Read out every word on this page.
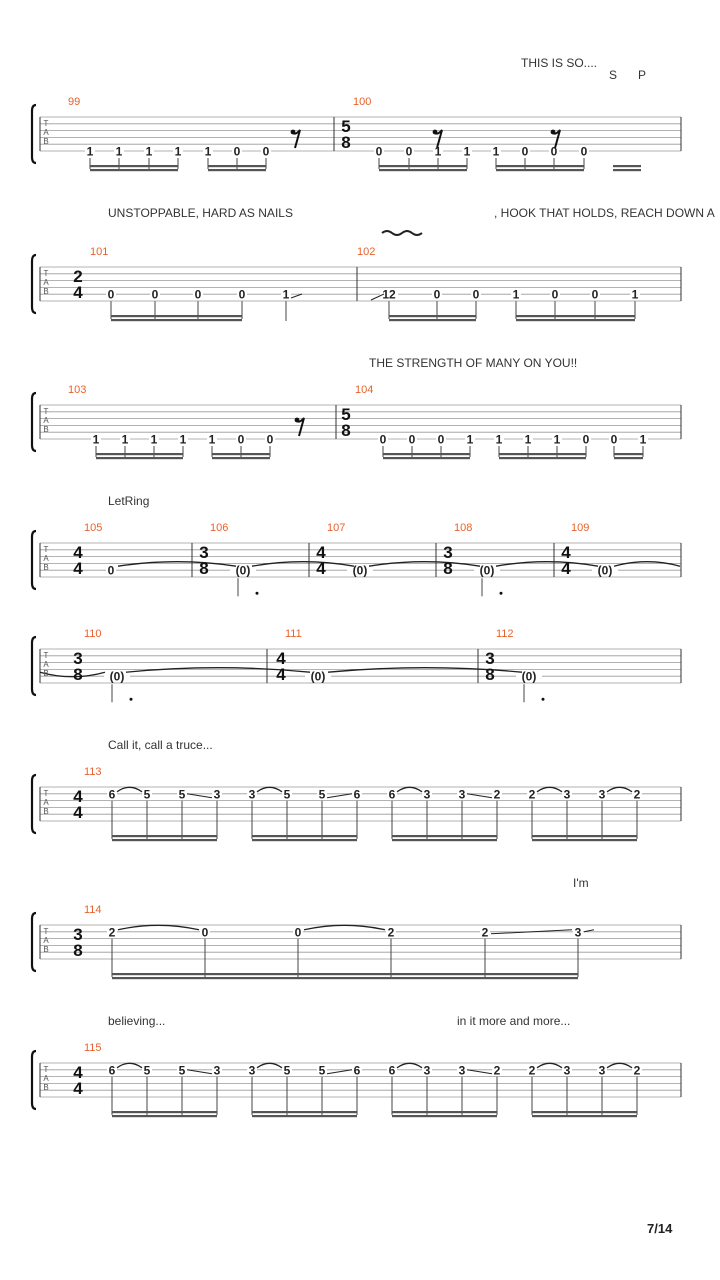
T
A
B
THIS IS SO....
S P
99
1 1 1 1 1 0 0
100
5
8 0 0 1 1 1 0 0 0
T
A
B
UNSTOPPABLE, HARD AS NAILS	, HOOK THAT HOLDS, REACH DOWN A
101
2
4 0	0	0	0	1
102
12	0	0	1	0	0	1
T
A
B
THE STRENGTH OF MANY ON YOU!!
103
1 1 1 1 1 0 0
104
5
8 0 0 0 1 1 1 1 0 0 1
T
A
B
LetRing
105
4
4 0
106
3
8 (0)
107
4
4 (0)
108
3
8 (0)
109
4
4 (0)
T
A
B
110
3
8 (0)
111
4
4 (0)
112
3
8 (0)
T
A
B
Call it, call a truce...
113
4
4
6 5 5 3 3 5 5 6 6 3 3 2 2 3 3 2
T
A
B
I'm
114
3
8
2	0	0	2	2	3
T
A
B
believing...	in it more and more...
115
4
4
6 5 5 3 3 5 5 6 6 3 3 2 2 3 3 2
7/14
